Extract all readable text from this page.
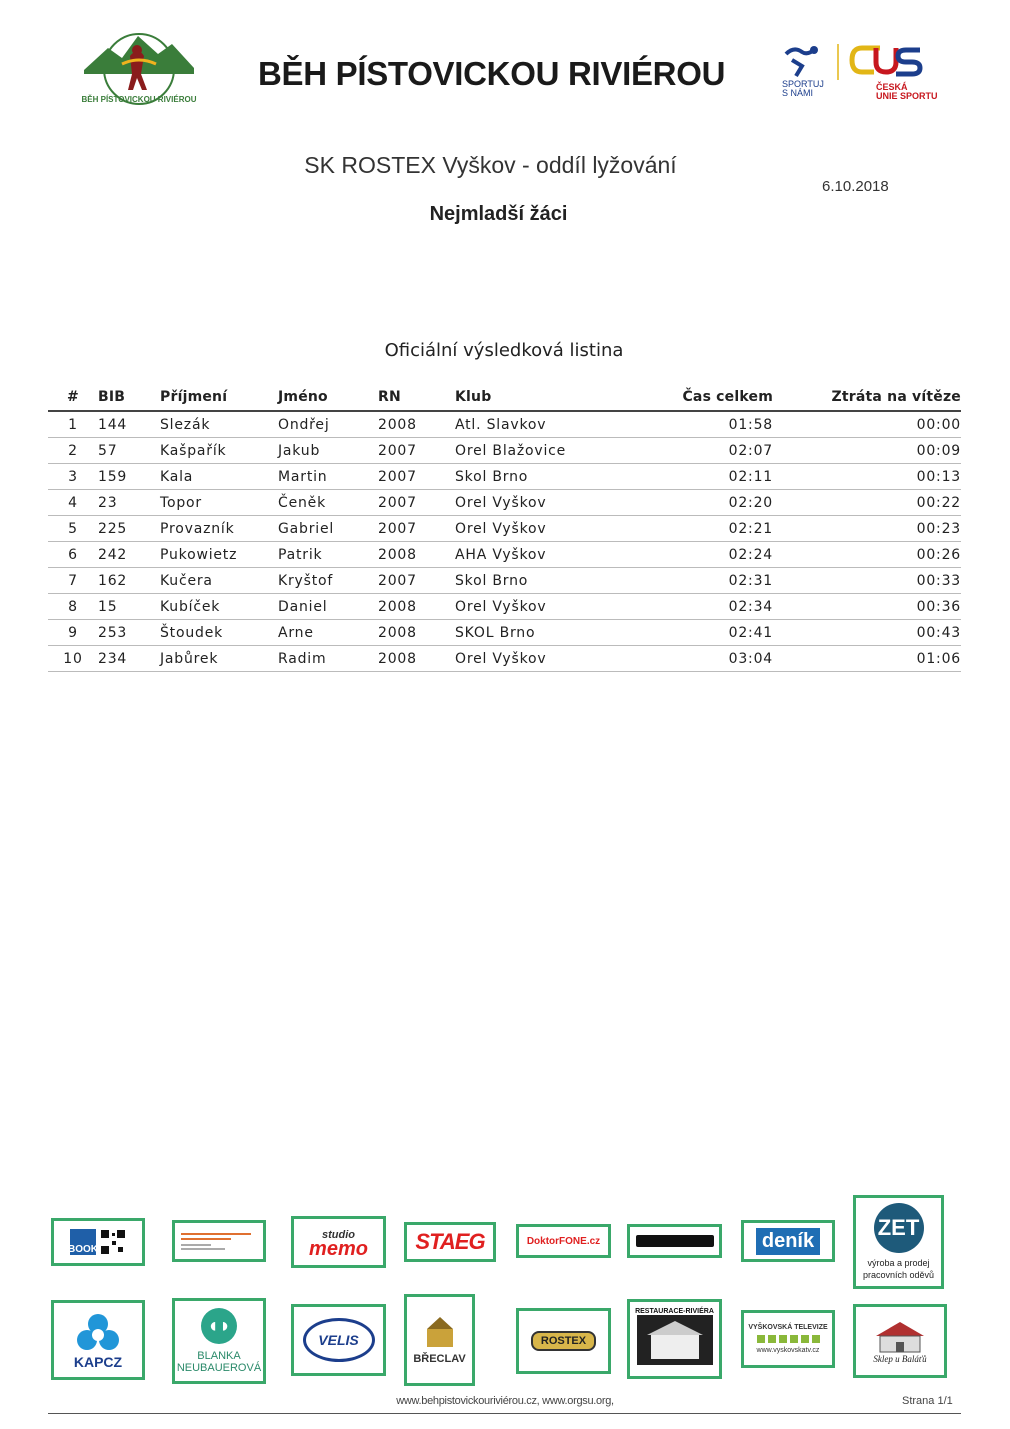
BĚH PÍSTOVICKOU RIVIÉROU
BĚH PÍSTOVICKOU RIVIÉROU	SPORTUJ
S NÁMI
ČESKÁ
UNIE SPORTU
SK ROSTEX Vyškov - oddíl lyžování
6.10.2018
Nejmladší žáci
Oficiální výsledková listina
#	BIB	Příjmení	Jméno	RN	Klub	Čas celkem	Ztráta na vítěze
1	144	Slezák	Ondřej	2008	Atl. Slavkov	01:58	00:00
2	57	Kašpařík	Jakub	2007	Orel Blažovice	02:07	00:09
3	159	Kala	Martin	2007	Skol Brno	02:11	00:13
4	23	Topor	Čeněk	2007	Orel Vyškov	02:20	00:22
5	225	Provazník	Gabriel	2007	Orel Vyškov	02:21	00:23
6	242	Pukowietz	Patrik	2008	AHA Vyškov	02:24	00:26
7	162	Kučera	Kryštof	2007	Skol Brno	02:31	00:33
8	15	Kubíček	Daniel	2008	Orel Vyškov	02:34	00:36
9	253	Štoudek	Arne	2008	SKOL Brno	02:41	00:43
10	234	Jabůrek	Radim	2008	Orel Vyškov	03:04	01:06
BOOK
studio
memo STAEG	DoktorFONE.cz	deník
ZET
výroba a prodej pracovních oděvů
KAPCZ
◖◗
BLANKA
NEUBAUEROVÁ
VELIS
BŘECLAV
ROSTEX
RESTAURACE-RIVIÉRA
VYŠKOVSKÁ TELEVIZE
www.vyskovskatv.cz
Sklep u Baláťů
www.behpistovickouriviérou.cz, www.orgsu.org,	Strana 1/1
